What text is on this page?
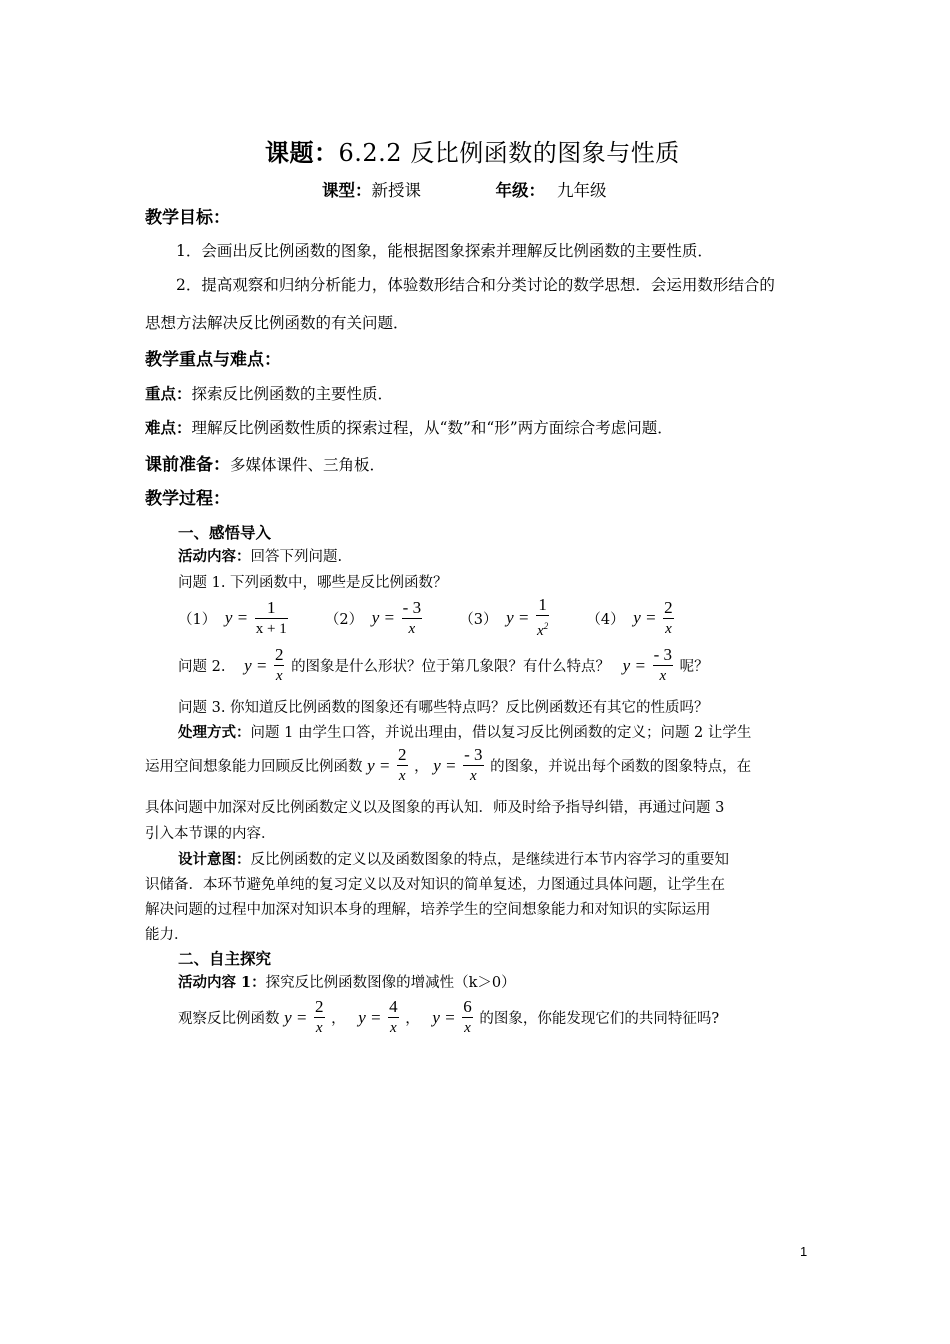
课题：6.2.2 反比例函数的图象与性质
课型：新授课	年级： 九年级
教学目标：
1．会画出反比例函数的图象，能根据图象探索并理解反比例函数的主要性质．
2．提高观察和归纳分析能力，体验数形结合和分类讨论的数学思想．会运用数形结合的
思想方法解决反比例函数的有关问题．
教学重点与难点：
重点：探索反比例函数的主要性质．
难点：理解反比例函数性质的探索过程，从“数”和“形”两方面综合考虑问题．
课前准备：多媒体课件、三角板．
教学过程：
一、感悟导入
活动内容：回答下列问题.
问题 1. 下列函数中，哪些是反比例函数？
（1） $y = \frac{1}{x + 1}$	（2） $y = \frac{- 3}{x}$	（3） $y = \frac{1}{x^2}$	（4） $y = \frac{2}{x}$
问题 2. $y = \frac{2}{x}$ 的图象是什么形状？位于第几象限？有什么特点？ $y = \frac{- 3}{x}$ 呢？
问题 3. 你知道反比例函数的图象还有哪些特点吗？反比例函数还有其它的性质吗？
处理方式：问题 1 由学生口答，并说出理由，借以复习反比例函数的定义；问题 2 让学生
运用空间想象能力回顾反比例函数 $y = \frac{2}{x}$ ， $y = \frac{- 3}{x}$ 的图象，并说出每个函数的图象特点，在
具体问题中加深对反比例函数定义以及图象的再认知．师及时给予指导纠错，再通过问题 3
引入本节课的内容．
设计意图：反比例函数的定义以及函数图象的特点，是继续进行本节内容学习的重要知
识储备．本环节避免单纯的复习定义以及对知识的简单复述，力图通过具体问题，让学生在
解决问题的过程中加深对知识本身的理解，培养学生的空间想象能力和对知识的实际运用
能力．
二、自主探究
活动内容 1：探究反比例函数图像的增减性（k＞0）
观察反比例函数 $y = \frac{2}{x}$ ， $y = \frac{4}{x}$ ， $y = \frac{6}{x}$ 的图象，你能发现它们的共同特征吗?
1
